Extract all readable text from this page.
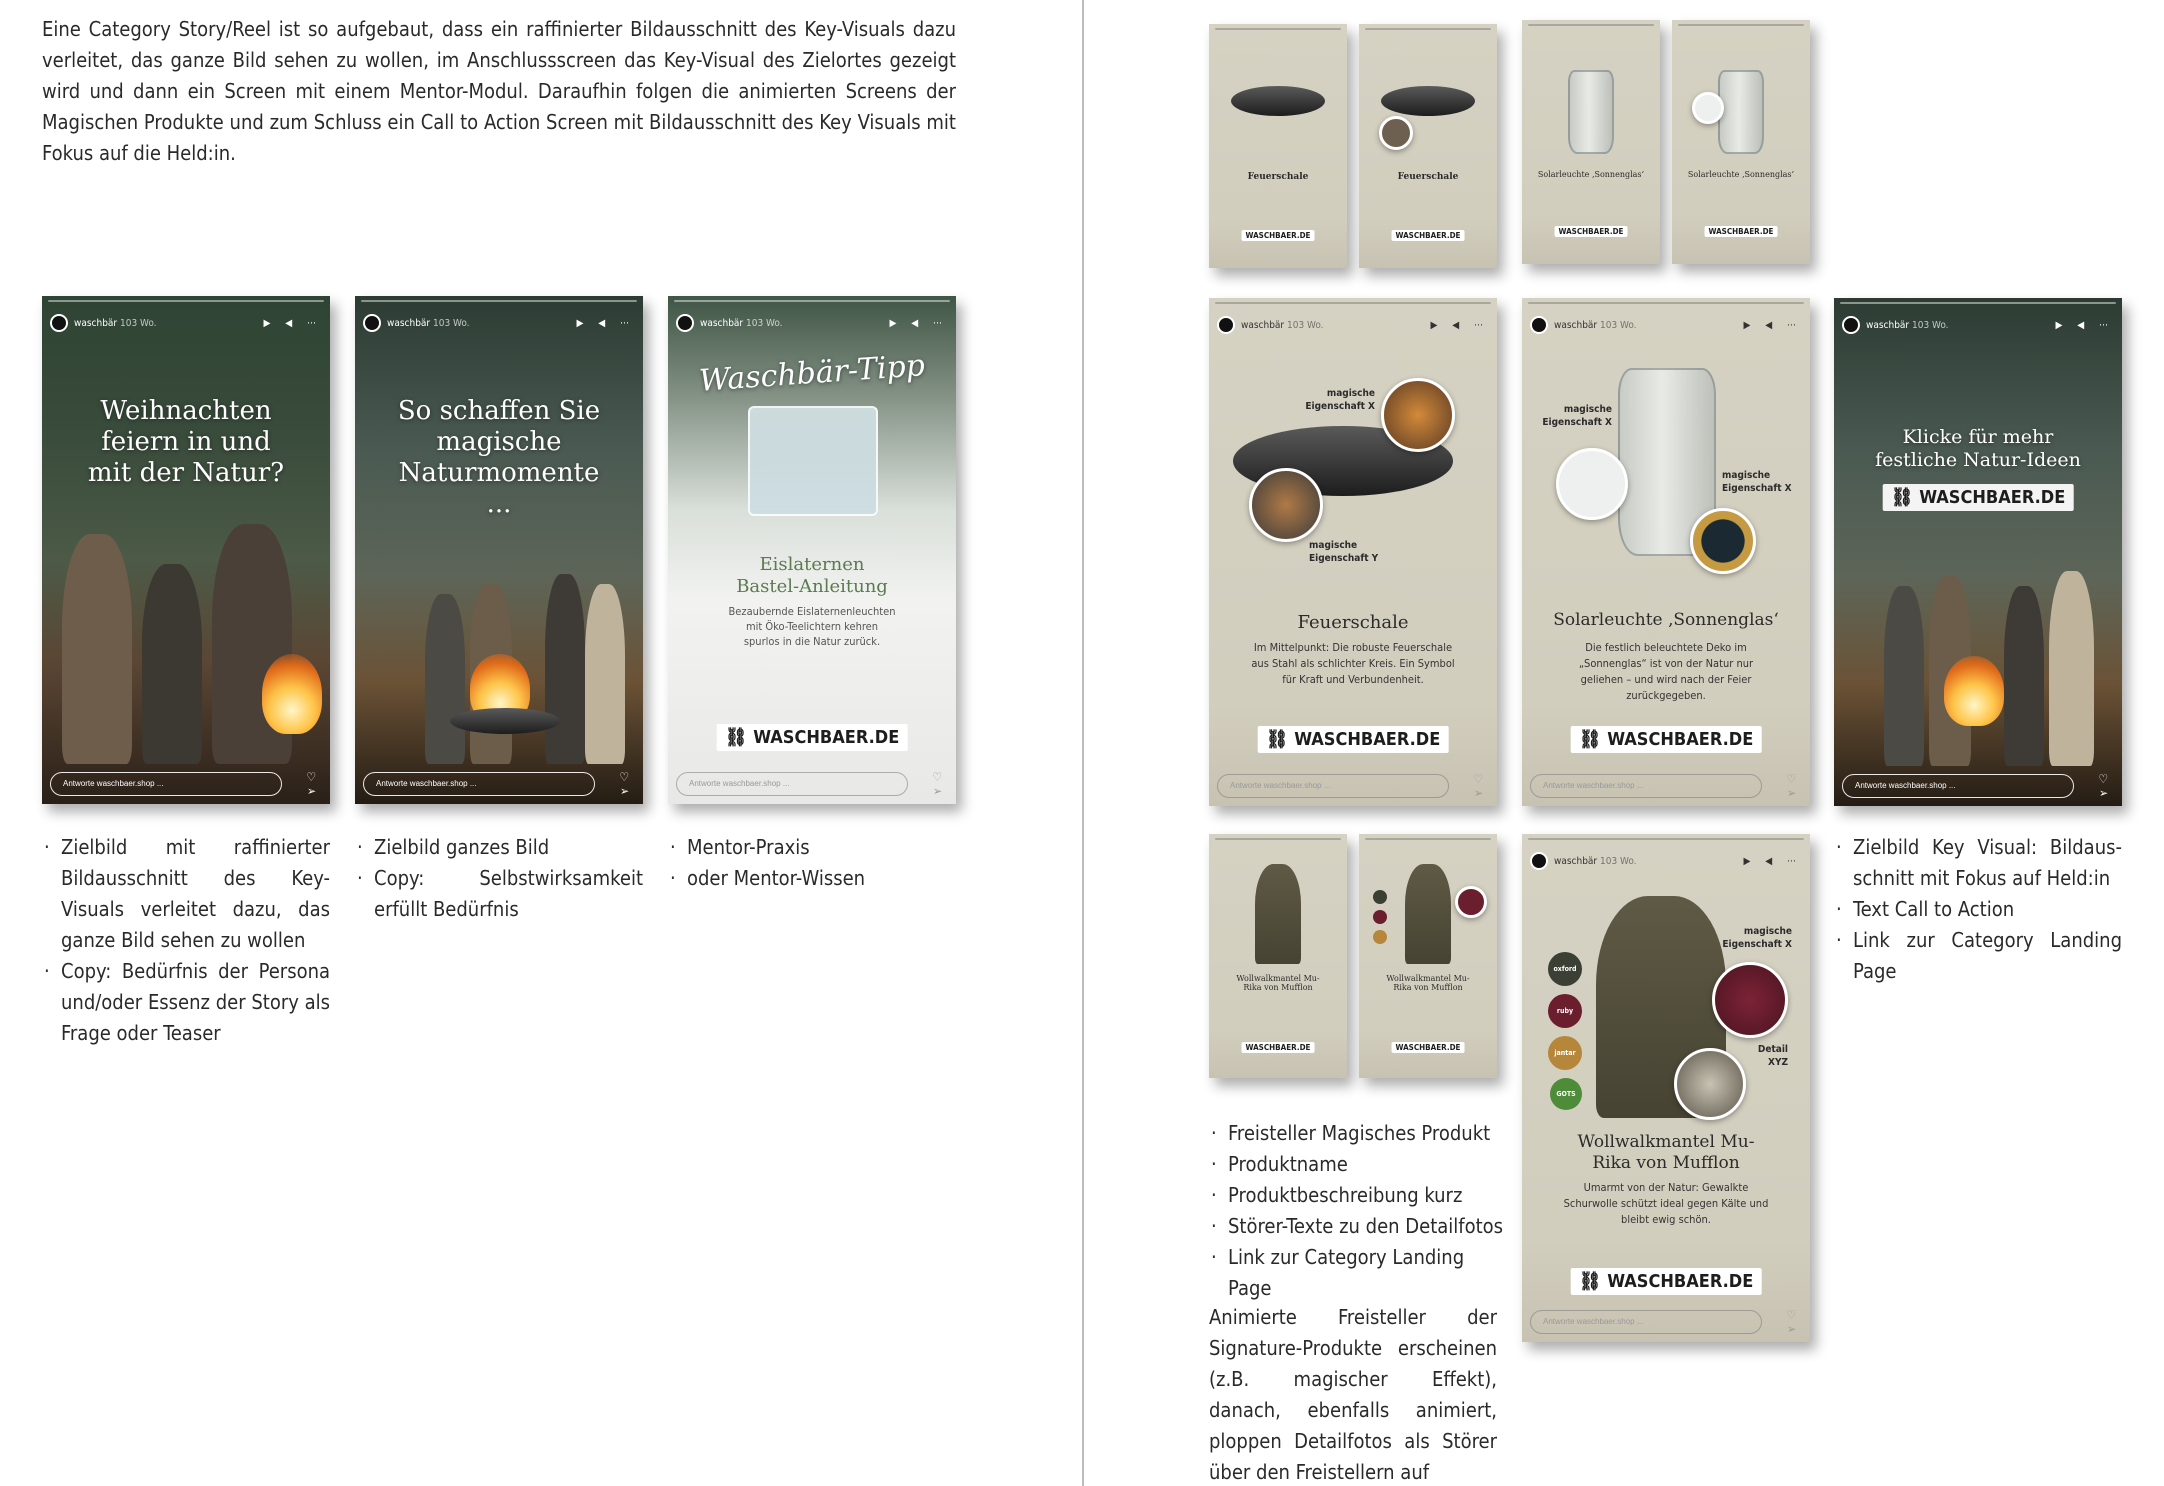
Eine Category Story/Reel ist so aufgebaut, dass ein raffinierter Bildausschnitt des Key-Visuals dazu verleitet, das ganze Bild sehen zu wollen, im Anschlussscreen das Key-Visual des Zielortes gezeigt wird und dann ein Screen mit einem Mentor-Modul. Daraufhin folgen die animierten Screens der Magischen Produkte und zum Schluss ein Call to Action Screen mit Bildausschnitt des Key Visuals mit Fokus auf die Held:in.

waschbär
103 Wo.	▶ ◀ ⋯
Weihnachten feiern in und mit der Natur?
Antworte waschbaer.shop ...	♡ ➢
waschbär
103 Wo.	▶ ◀ ⋯
So schaffen Sie magische Naturmomente ...
Antworte waschbaer.shop ...	♡ ➢
waschbär
103 Wo.	▶ ◀ ⋯
Waschbär-Tipp
Eislaternen Bastel-Anleitung
Bezaubernde Eislaternenleuchten mit Öko-Teelichtern kehren spurlos in die Natur zurück.
⛓ WASCHBAER.DE
Antworte waschbaer.shop ...	♡ ➢
· Zielbild mit raffinierter Bildausschnitt des Key-Visuals verleitet dazu, das ganze Bild sehen zu wollen
· Copy: Bedürfnis der Persona und/oder Essenz der Story als Frage oder Teaser
· Zielbild ganzes Bild
· Copy: Selbstwirksamkeit erfüllt Bedürfnis
· Mentor-Praxis
· oder Mentor-Wissen
Feuerschale
WASCHBAER.DE
Feuerschale
WASCHBAER.DE
Solarleuchte ‚Sonnenglas‘
WASCHBAER.DE
Solarleuchte ‚Sonnenglas‘
WASCHBAER.DE
waschbär
103 Wo.	▶ ◀ ⋯
magische Eigenschaft X
magische Eigenschaft Y
Feuerschale
Im Mittelpunkt: Die robuste Feuerschale aus Stahl als schlichter Kreis. Ein Symbol für Kraft und Verbundenheit.
⛓ WASCHBAER.DE
Antworte waschbaer.shop ...	♡ ➢
waschbär
103 Wo.	▶ ◀ ⋯
magische Eigenschaft X
magische Eigenschaft X
Solarleuchte ‚Sonnenglas‘
Die festlich beleuchtete Deko im „Sonnenglas“ ist von der Natur nur geliehen – und wird nach der Feier zurückgegeben.
⛓ WASCHBAER.DE
Antworte waschbaer.shop ...	♡ ➢
waschbär
103 Wo.	▶ ◀ ⋯
Klicke für mehr festliche Natur-Ideen
⛓ WASCHBAER.DE
Antworte waschbaer.shop ...	♡ ➢
· Zielbild Key Visual: Bildausschnitt mit Fokus auf Held:in
· Text Call to Action
· Link zur Category Landing Page
Wollwalkmantel Mu-Rika von Mufflon
WASCHBAER.DE
Wollwalkmantel Mu-Rika von Mufflon
WASCHBAER.DE
waschbär
103 Wo.	▶ ◀ ⋯
oxford
ruby
jantar
GOTS
magische Eigenschaft X
Detail XYZ
Wollwalkmantel Mu-Rika von Mufflon
Umarmt von der Natur: Gewalkte Schurwolle schützt ideal gegen Kälte und bleibt ewig schön.
⛓ WASCHBAER.DE
Antworte waschbaer.shop ...	♡ ➢
· Freisteller Magisches Produkt
· Produktname
· Produktbeschreibung kurz
· Störer-Texte zu den Detailfotos
· Link zur Category Landing Page

Animierte Freisteller der Signature-Produkte erscheinen (z.B. magischer Effekt), danach, ebenfalls animiert, ploppen Detailfotos als Störer über den Freistellern auf
